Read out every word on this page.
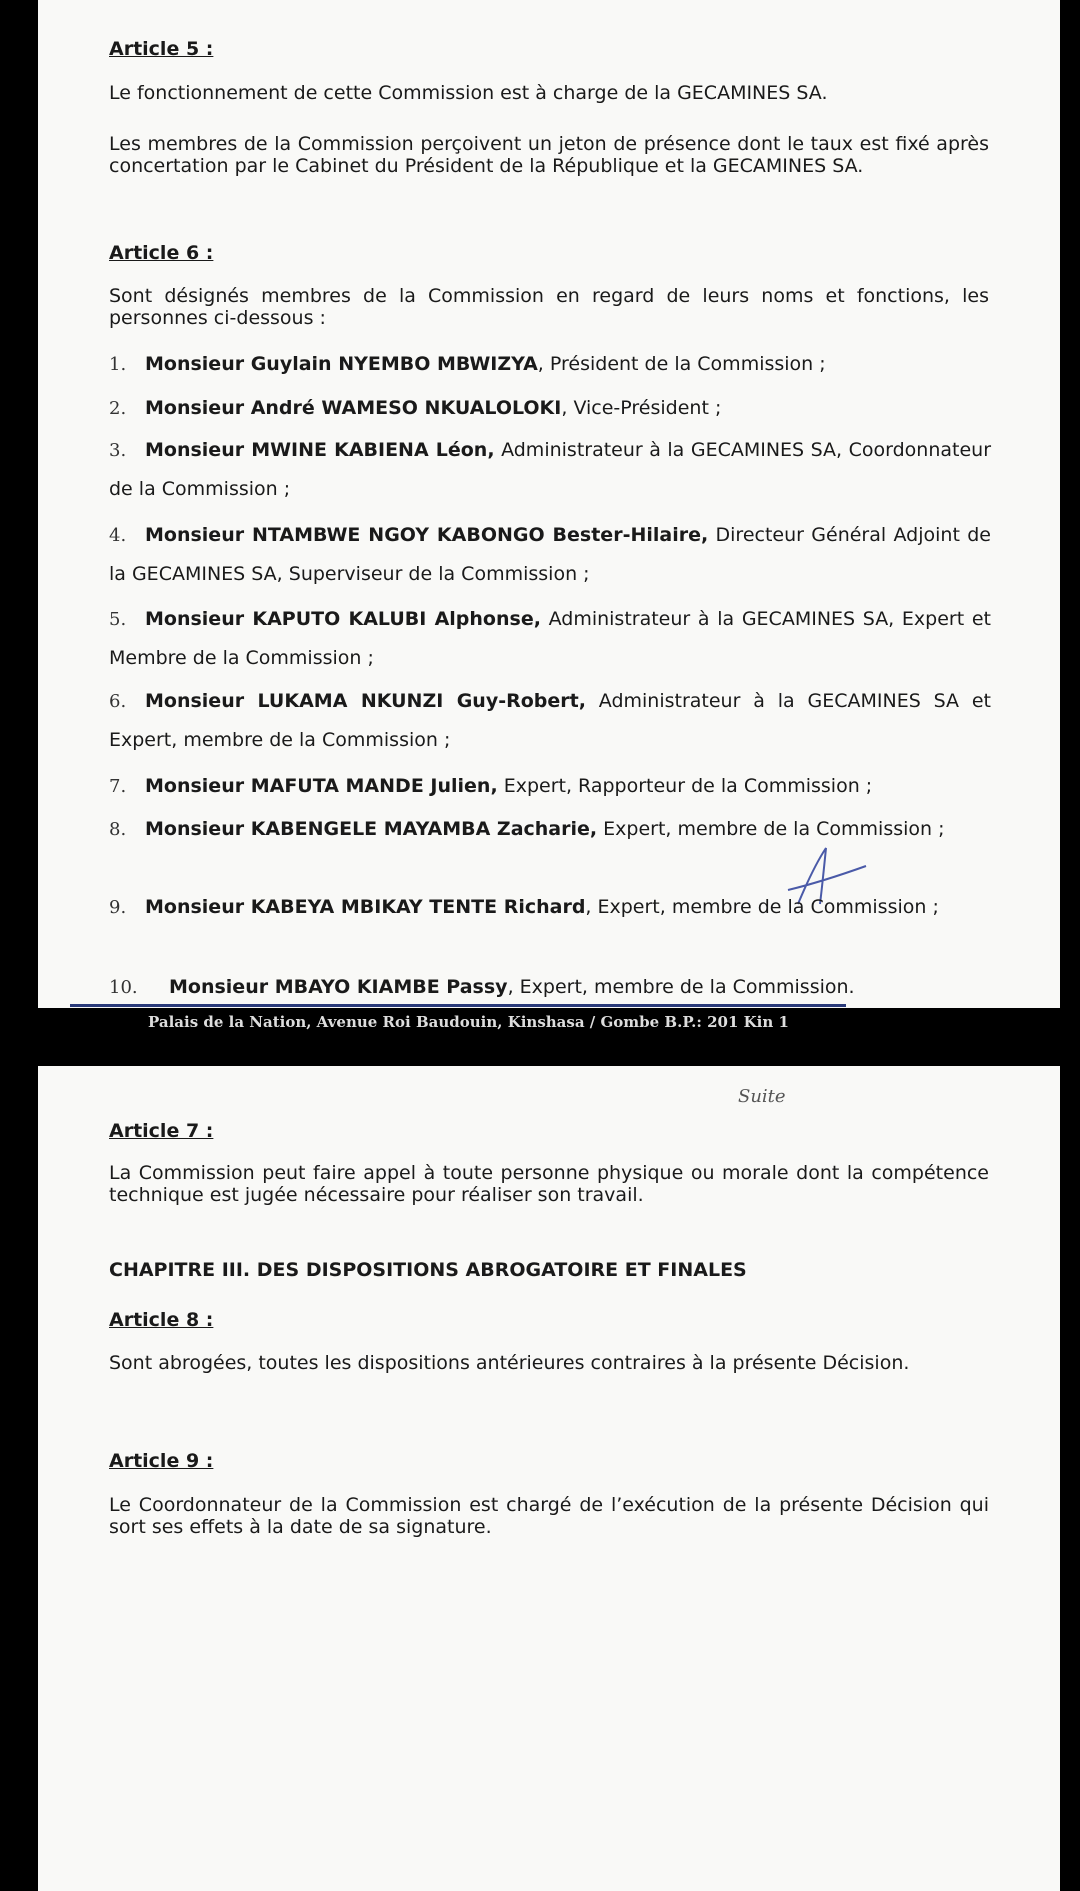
Article 5 :

Le fonctionnement de cette Commission est à charge de la GECAMINES SA.

Les membres de la Commission perçoivent un jeton de présence dont le taux est fixé après concertation par le Cabinet du Président de la République et la GECAMINES SA.

Article 6 :

Sont désignés membres de la Commission en regard de leurs noms et fonctions, les personnes ci-dessous :

1. Monsieur Guylain NYEMBO MBWIZYA, Président de la Commission ;
2. Monsieur André WAMESO NKUALOLOKI, Vice-Président ;
3. Monsieur MWINE KABIENA Léon, Administrateur à la GECAMINES SA, Coordonnateur de la Commission ;
4. Monsieur NTAMBWE NGOY KABONGO Bester-Hilaire, Directeur Général Adjoint de la GECAMINES SA, Superviseur de la Commission ;
5. Monsieur KAPUTO KALUBI Alphonse, Administrateur à la GECAMINES SA, Expert et Membre de la Commission ;
6. Monsieur LUKAMA NKUNZI Guy-Robert, Administrateur à la GECAMINES SA et Expert, membre de la Commission ;
7. Monsieur MAFUTA MANDE Julien, Expert, Rapporteur de la Commission ;
8. Monsieur KABENGELE MAYAMBA Zacharie, Expert, membre de la Commission ;
9. Monsieur KABEYA MBIKAY TENTE Richard, Expert, membre de la Commission ;
10. Monsieur MBAYO KIAMBE Passy, Expert, membre de la Commission.
Suite
Article 7 :

La Commission peut faire appel à toute personne physique ou morale dont la compétence technique est jugée nécessaire pour réaliser son travail.

CHAPITRE III. DES DISPOSITIONS ABROGATOIRE ET FINALES
Article 8 :

Sont abrogées, toutes les dispositions antérieures contraires à la présente Décision.

Article 9 :

Le Coordonnateur de la Commission est chargé de l’exécution de la présente Décision qui sort ses effets à la date de sa signature.

Palais de la Nation, Avenue Roi Baudouin, Kinshasa / Gombe B.P.: 201 Kin 1
